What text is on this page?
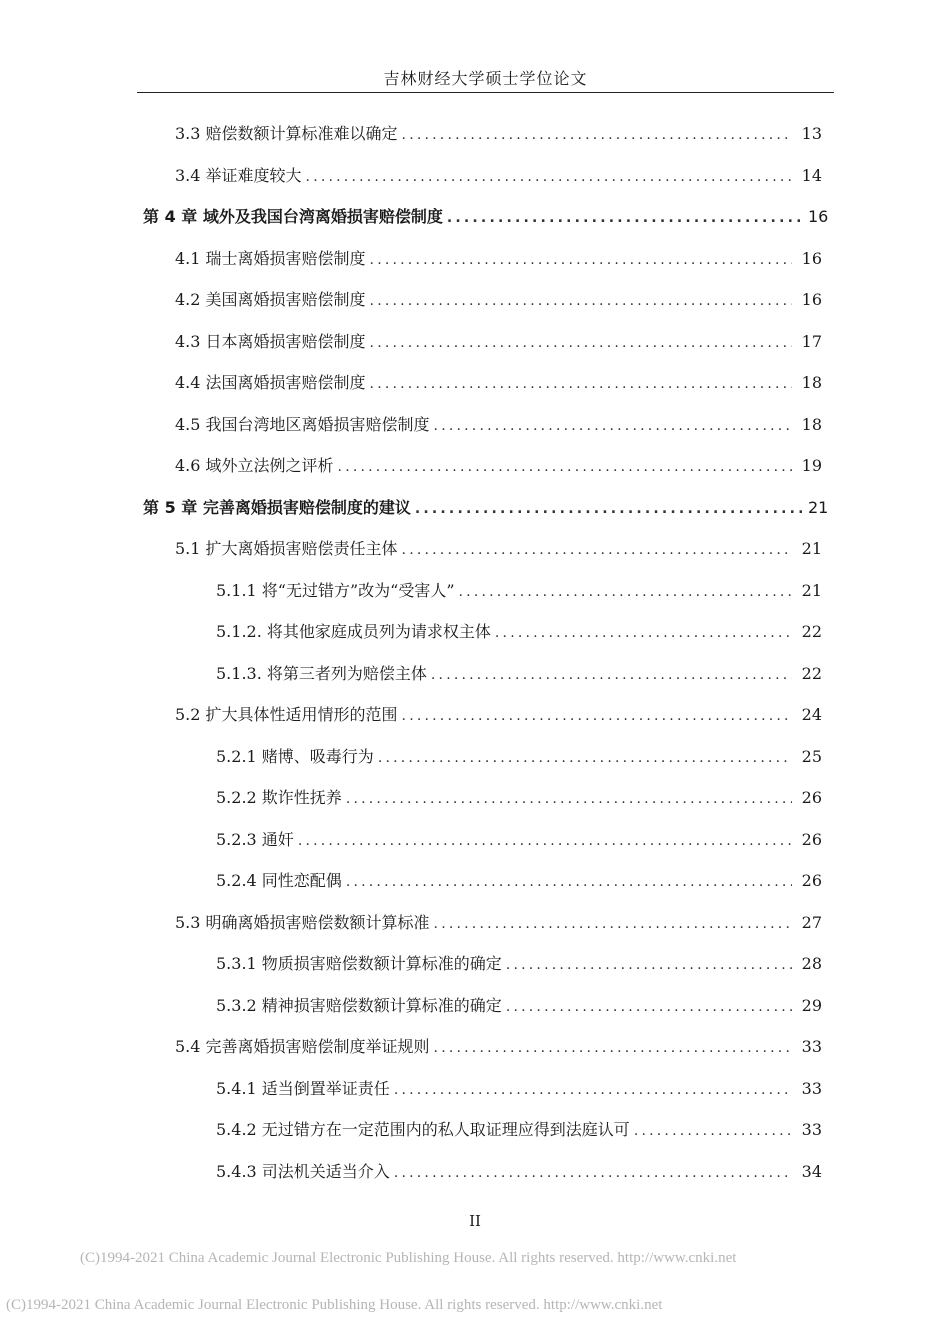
吉林财经大学硕士学位论文
3.3 赔偿数额计算标准难以确定 .....	13
3.4 举证难度较大 .....	14
第 4 章 域外及我国台湾离婚损害赔偿制度 .....	16
4.1 瑞士离婚损害赔偿制度 .....	16
4.2 美国离婚损害赔偿制度 .....	16
4.3 日本离婚损害赔偿制度 .....	17
4.4 法国离婚损害赔偿制度 .....	18
4.5 我国台湾地区离婚损害赔偿制度 .....	18
4.6 域外立法例之评析 .....	19
第 5 章 完善离婚损害赔偿制度的建议 .....	21
5.1 扩大离婚损害赔偿责任主体 .....	21
5.1.1 将“无过错方”改为“受害人” .....	21
5.1.2. 将其他家庭成员列为请求权主体 .....	22
5.1.3. 将第三者列为赔偿主体 .....	22
5.2 扩大具体性适用情形的范围 .....	24
5.2.1 赌博、吸毒行为 .....	25
5.2.2 欺诈性抚养 .....	26
5.2.3 通奸 .....	26
5.2.4 同性恋配偶 .....	26
5.3 明确离婚损害赔偿数额计算标准 .....	27
5.3.1 物质损害赔偿数额计算标准的确定 .....	28
5.3.2 精神损害赔偿数额计算标准的确定 .....	29
5.4 完善离婚损害赔偿制度举证规则 .....	33
5.4.1 适当倒置举证责任 .....	33
5.4.2 无过错方在一定范围内的私人取证理应得到法庭认可 .....	33
5.4.3 司法机关适当介入 .....	34
II
(C)1994-2021 China Academic Journal Electronic Publishing House. All rights reserved. http://www.cnki.net
(C)1994-2021 China Academic Journal Electronic Publishing House. All rights reserved. http://www.cnki.net
